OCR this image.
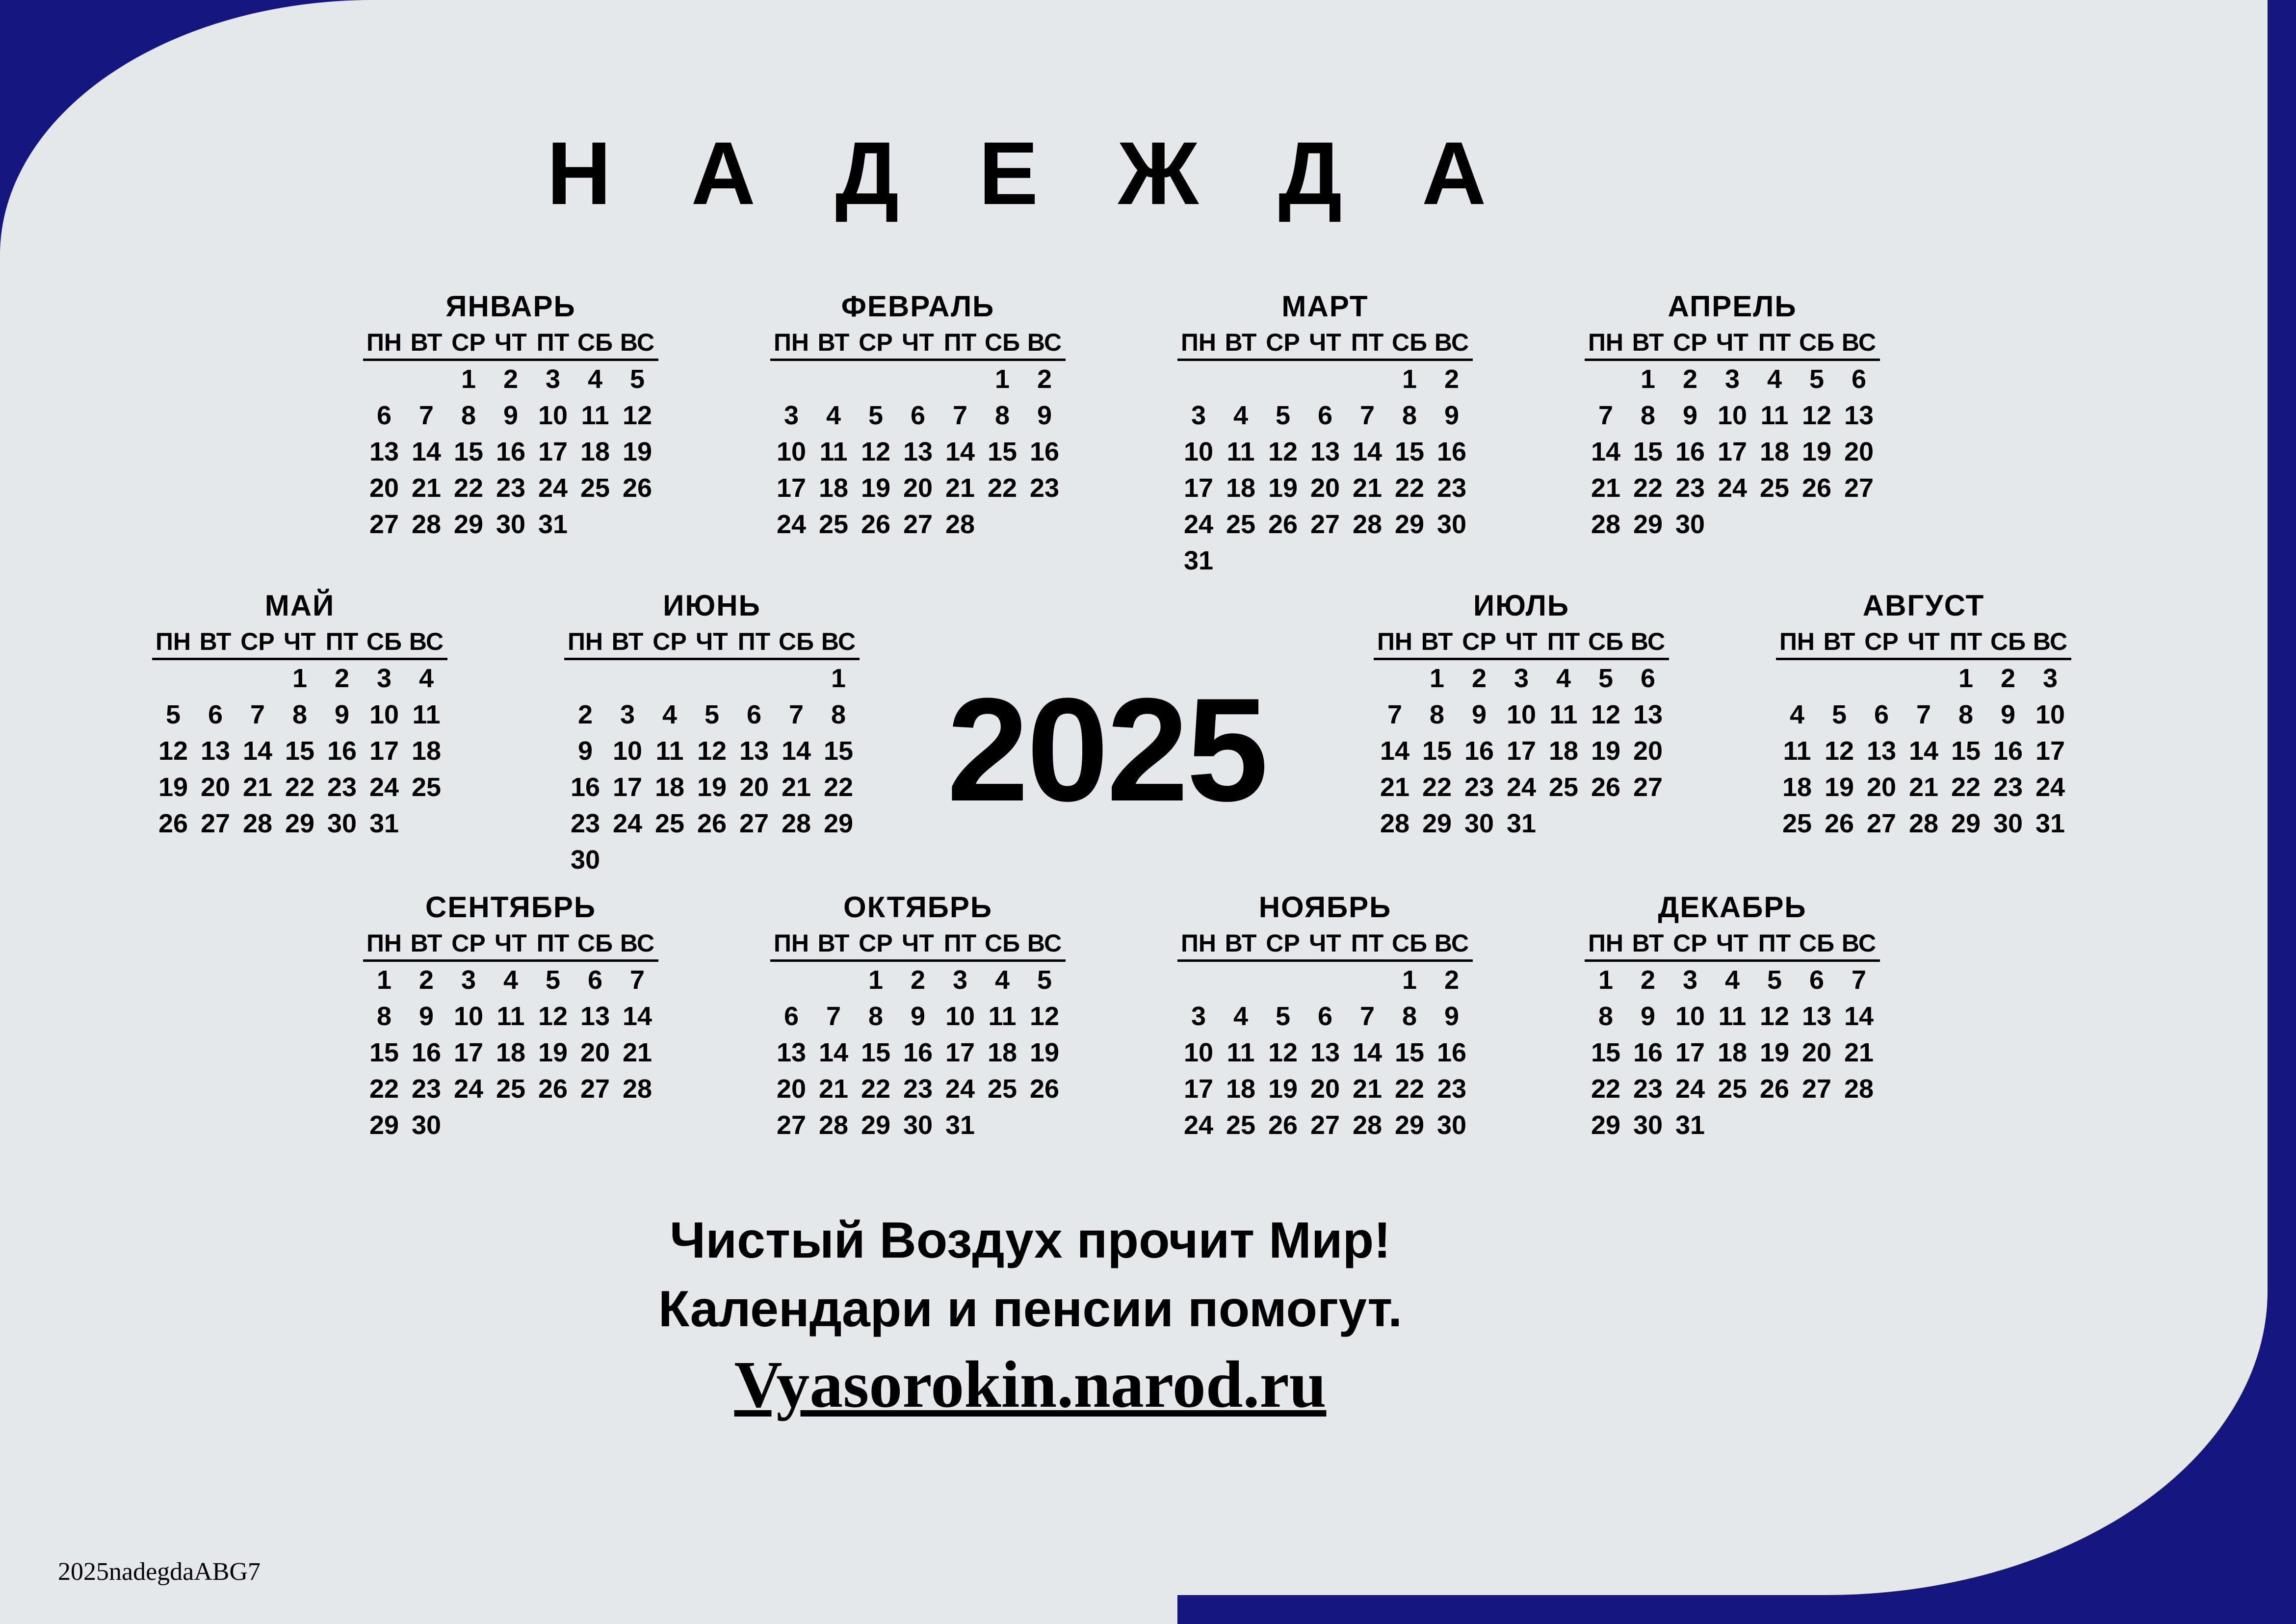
Н А Д Е Ж Д А
ЯНВАРЬ
ПН	ВТ	СР	ЧТ	ПТ	СБ	ВС
		1	2	3	4	5
6	7	8	9	10	11	12
13	14	15	16	17	18	19
20	21	22	23	24	25	26
27	28	29	30	31		
ФЕВРАЛЬ
ПН	ВТ	СР	ЧТ	ПТ	СБ	ВС
					1	2
3	4	5	6	7	8	9
10	11	12	13	14	15	16
17	18	19	20	21	22	23
24	25	26	27	28		
МАРТ
ПН	ВТ	СР	ЧТ	ПТ	СБ	ВС
					1	2
3	4	5	6	7	8	9
10	11	12	13	14	15	16
17	18	19	20	21	22	23
24	25	26	27	28	29	30
31						
АПРЕЛЬ
ПН	ВТ	СР	ЧТ	ПТ	СБ	ВС
	1	2	3	4	5	6
7	8	9	10	11	12	13
14	15	16	17	18	19	20
21	22	23	24	25	26	27
28	29	30				
МАЙ
ПН	ВТ	СР	ЧТ	ПТ	СБ	ВС
			1	2	3	4
5	6	7	8	9	10	11
12	13	14	15	16	17	18
19	20	21	22	23	24	25
26	27	28	29	30	31	
ИЮНЬ
ПН	ВТ	СР	ЧТ	ПТ	СБ	ВС
						1
2	3	4	5	6	7	8
9	10	11	12	13	14	15
16	17	18	19	20	21	22
23	24	25	26	27	28	29
30						
ИЮЛЬ
ПН	ВТ	СР	ЧТ	ПТ	СБ	ВС
	1	2	3	4	5	6
7	8	9	10	11	12	13
14	15	16	17	18	19	20
21	22	23	24	25	26	27
28	29	30	31			
АВГУСТ
ПН	ВТ	СР	ЧТ	ПТ	СБ	ВС
				1	2	3
4	5	6	7	8	9	10
11	12	13	14	15	16	17
18	19	20	21	22	23	24
25	26	27	28	29	30	31
СЕНТЯБРЬ
ПН	ВТ	СР	ЧТ	ПТ	СБ	ВС
1	2	3	4	5	6	7
8	9	10	11	12	13	14
15	16	17	18	19	20	21
22	23	24	25	26	27	28
29	30					
ОКТЯБРЬ
ПН	ВТ	СР	ЧТ	ПТ	СБ	ВС
		1	2	3	4	5
6	7	8	9	10	11	12
13	14	15	16	17	18	19
20	21	22	23	24	25	26
27	28	29	30	31		
НОЯБРЬ
ПН	ВТ	СР	ЧТ	ПТ	СБ	ВС
					1	2
3	4	5	6	7	8	9
10	11	12	13	14	15	16
17	18	19	20	21	22	23
24	25	26	27	28	29	30
ДЕКАБРЬ
ПН	ВТ	СР	ЧТ	ПТ	СБ	ВС
1	2	3	4	5	6	7
8	9	10	11	12	13	14
15	16	17	18	19	20	21
22	23	24	25	26	27	28
29	30	31				
2025
Чистый Воздух прочит Мир!
Календари и пенсии помогут.
Vyasorokin.narod.ru
2025nadegdaABG7
